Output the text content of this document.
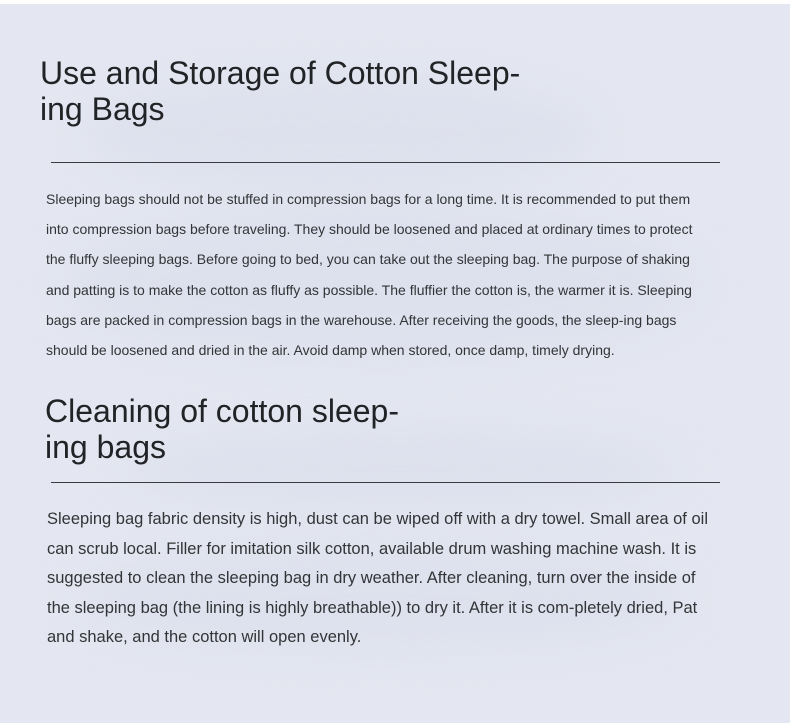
Use and Storage of Cotton Sleep-
ing Bags

Sleeping bags should not be stuffed in compression bags for a long time. It is recommended to put them into compression bags before traveling. They should be loosened and placed at ordinary times to protect the fluffy sleeping bags. Before going to bed, you can take out the sleeping bag. The purpose of shaking and patting is to make the cotton as fluffy as possible. The fluffier the cotton is, the warmer it is. Sleeping bags are packed in compression bags in the warehouse. After receiving the goods, the sleep-ing bags should be loosened and dried in the air. Avoid damp when stored, once damp, timely drying.

Cleaning of cotton sleep-
ing bags

Sleeping bag fabric density is high, dust can be wiped off with a dry towel. Small area of oil can scrub local. Filler for imitation silk cotton, available drum washing machine wash. It is suggested to clean the sleeping bag in dry weather. After cleaning, turn over the inside of the sleeping bag (the lining is highly breathable)) to dry it. After it is com-pletely dried, Pat and shake, and the cotton will open evenly.
